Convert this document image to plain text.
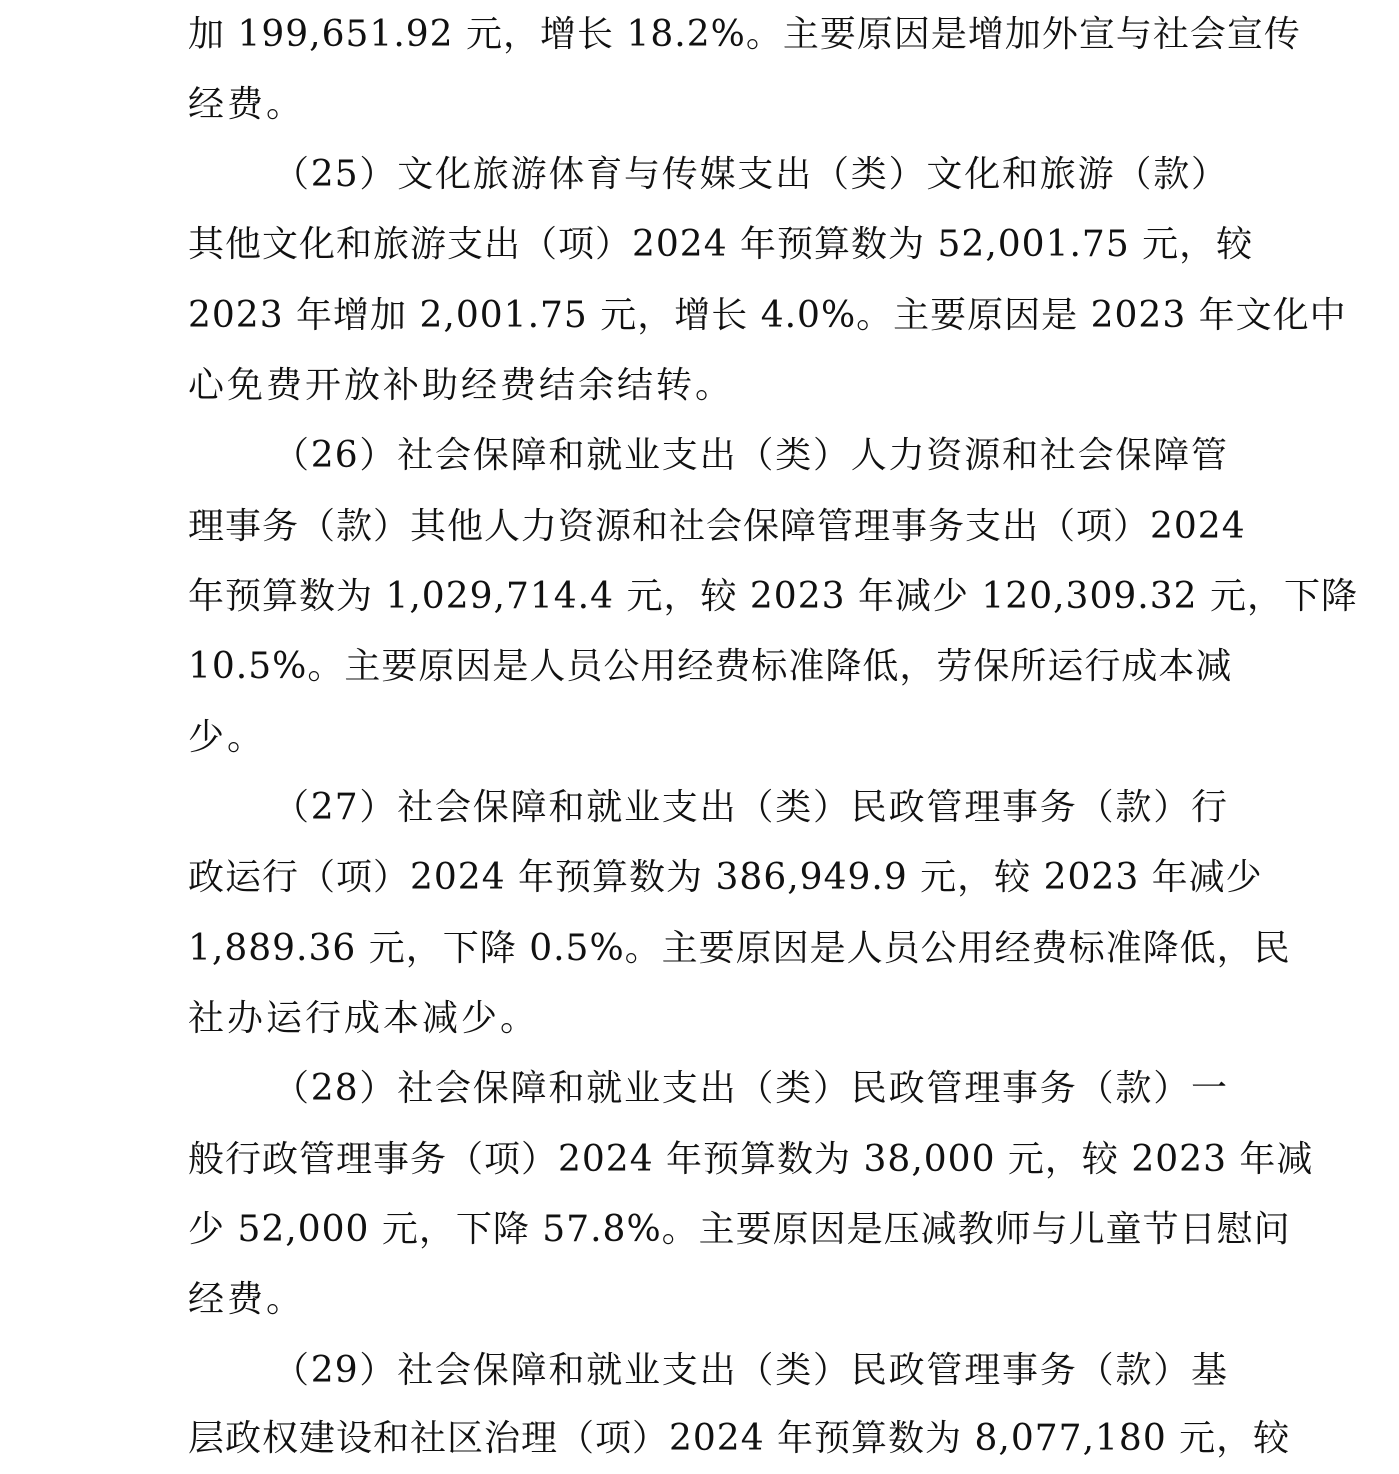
加 199,651.92 元，增长 18.2%。主要原因是增加外宣与社会宣传
经费。
（25）文化旅游体育与传媒支出（类）文化和旅游（款）
其他文化和旅游支出（项）2024 年预算数为 52,001.75 元，较
2023 年增加 2,001.75 元，增长 4.0%。主要原因是 2023 年文化中
心免费开放补助经费结余结转。
（26）社会保障和就业支出（类）人力资源和社会保障管
理事务（款）其他人力资源和社会保障管理事务支出（项）2024
年预算数为 1,029,714.4 元，较 2023 年减少 120,309.32 元，下降
10.5%。主要原因是人员公用经费标准降低，劳保所运行成本减
少。
（27）社会保障和就业支出（类）民政管理事务（款）行
政运行（项）2024 年预算数为 386,949.9 元，较 2023 年减少
1,889.36 元，下降 0.5%。主要原因是人员公用经费标准降低，民
社办运行成本减少。
（28）社会保障和就业支出（类）民政管理事务（款）一
般行政管理事务（项）2024 年预算数为 38,000 元，较 2023 年减
少 52,000 元，下降 57.8%。主要原因是压减教师与儿童节日慰问
经费。
（29）社会保障和就业支出（类）民政管理事务（款）基
层政权建设和社区治理（项）2024 年预算数为 8,077,180 元，较
